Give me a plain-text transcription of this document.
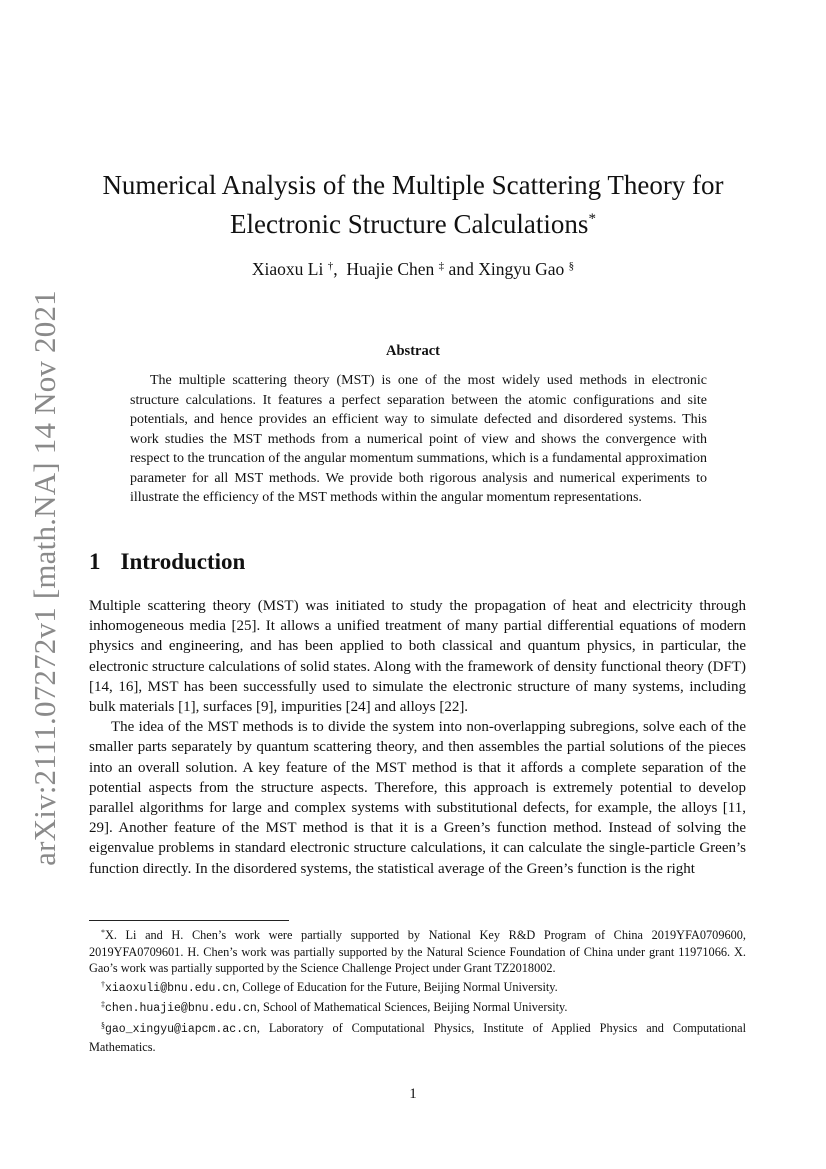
arXiv:2111.07272v1 [math.NA] 14 Nov 2021
Numerical Analysis of the Multiple Scattering Theory for
Electronic Structure Calculations*
Xiaoxu Li †,  Huajie Chen ‡ and Xingyu Gao §
Abstract

The multiple scattering theory (MST) is one of the most widely used methods in electronic structure calculations. It features a perfect separation between the atomic configurations and site potentials, and hence provides an efficient way to simulate defected and disordered systems. This work studies the MST methods from a numerical point of view and shows the convergence with respect to the truncation of the angular momentum summations, which is a fundamental approximation parameter for all MST methods. We provide both rigorous analysis and numerical experiments to illustrate the efficiency of the MST methods within the angular momentum representations.

1 Introduction

Multiple scattering theory (MST) was initiated to study the propagation of heat and electricity through inhomogeneous media [25]. It allows a unified treatment of many partial differential equations of modern physics and engineering, and has been applied to both classical and quantum physics, in particular, the electronic structure calculations of solid states. Along with the framework of density functional theory (DFT) [14, 16], MST has been successfully used to simulate the electronic structure of many systems, including bulk materials [1], surfaces [9], impurities [24] and alloys [22].

The idea of the MST methods is to divide the system into non-overlapping subregions, solve each of the smaller parts separately by quantum scattering theory, and then assembles the partial solutions of the pieces into an overall solution. A key feature of the MST method is that it affords a complete separation of the potential aspects from the structure aspects. Therefore, this approach is extremely potential to develop parallel algorithms for large and complex systems with substitutional defects, for example, the alloys [11, 29]. Another feature of the MST method is that it is a Green’s function method. Instead of solving the eigenvalue problems in standard electronic structure calculations, it can calculate the single-particle Green’s function directly. In the disordered systems, the statistical average of the Green’s function is the right

*X. Li and H. Chen’s work were partially supported by National Key R&D Program of China 2019YFA0709600, 2019YFA0709601. H. Chen’s work was partially supported by the Natural Science Foundation of China under grant 11971066. X. Gao’s work was partially supported by the Science Challenge Project under Grant TZ2018002.

†xiaoxuli@bnu.edu.cn, College of Education for the Future, Beijing Normal University.

‡chen.huajie@bnu.edu.cn, School of Mathematical Sciences, Beijing Normal University.

§gao_xingyu@iapcm.ac.cn, Laboratory of Computational Physics, Institute of Applied Physics and Computational Mathematics.

1
